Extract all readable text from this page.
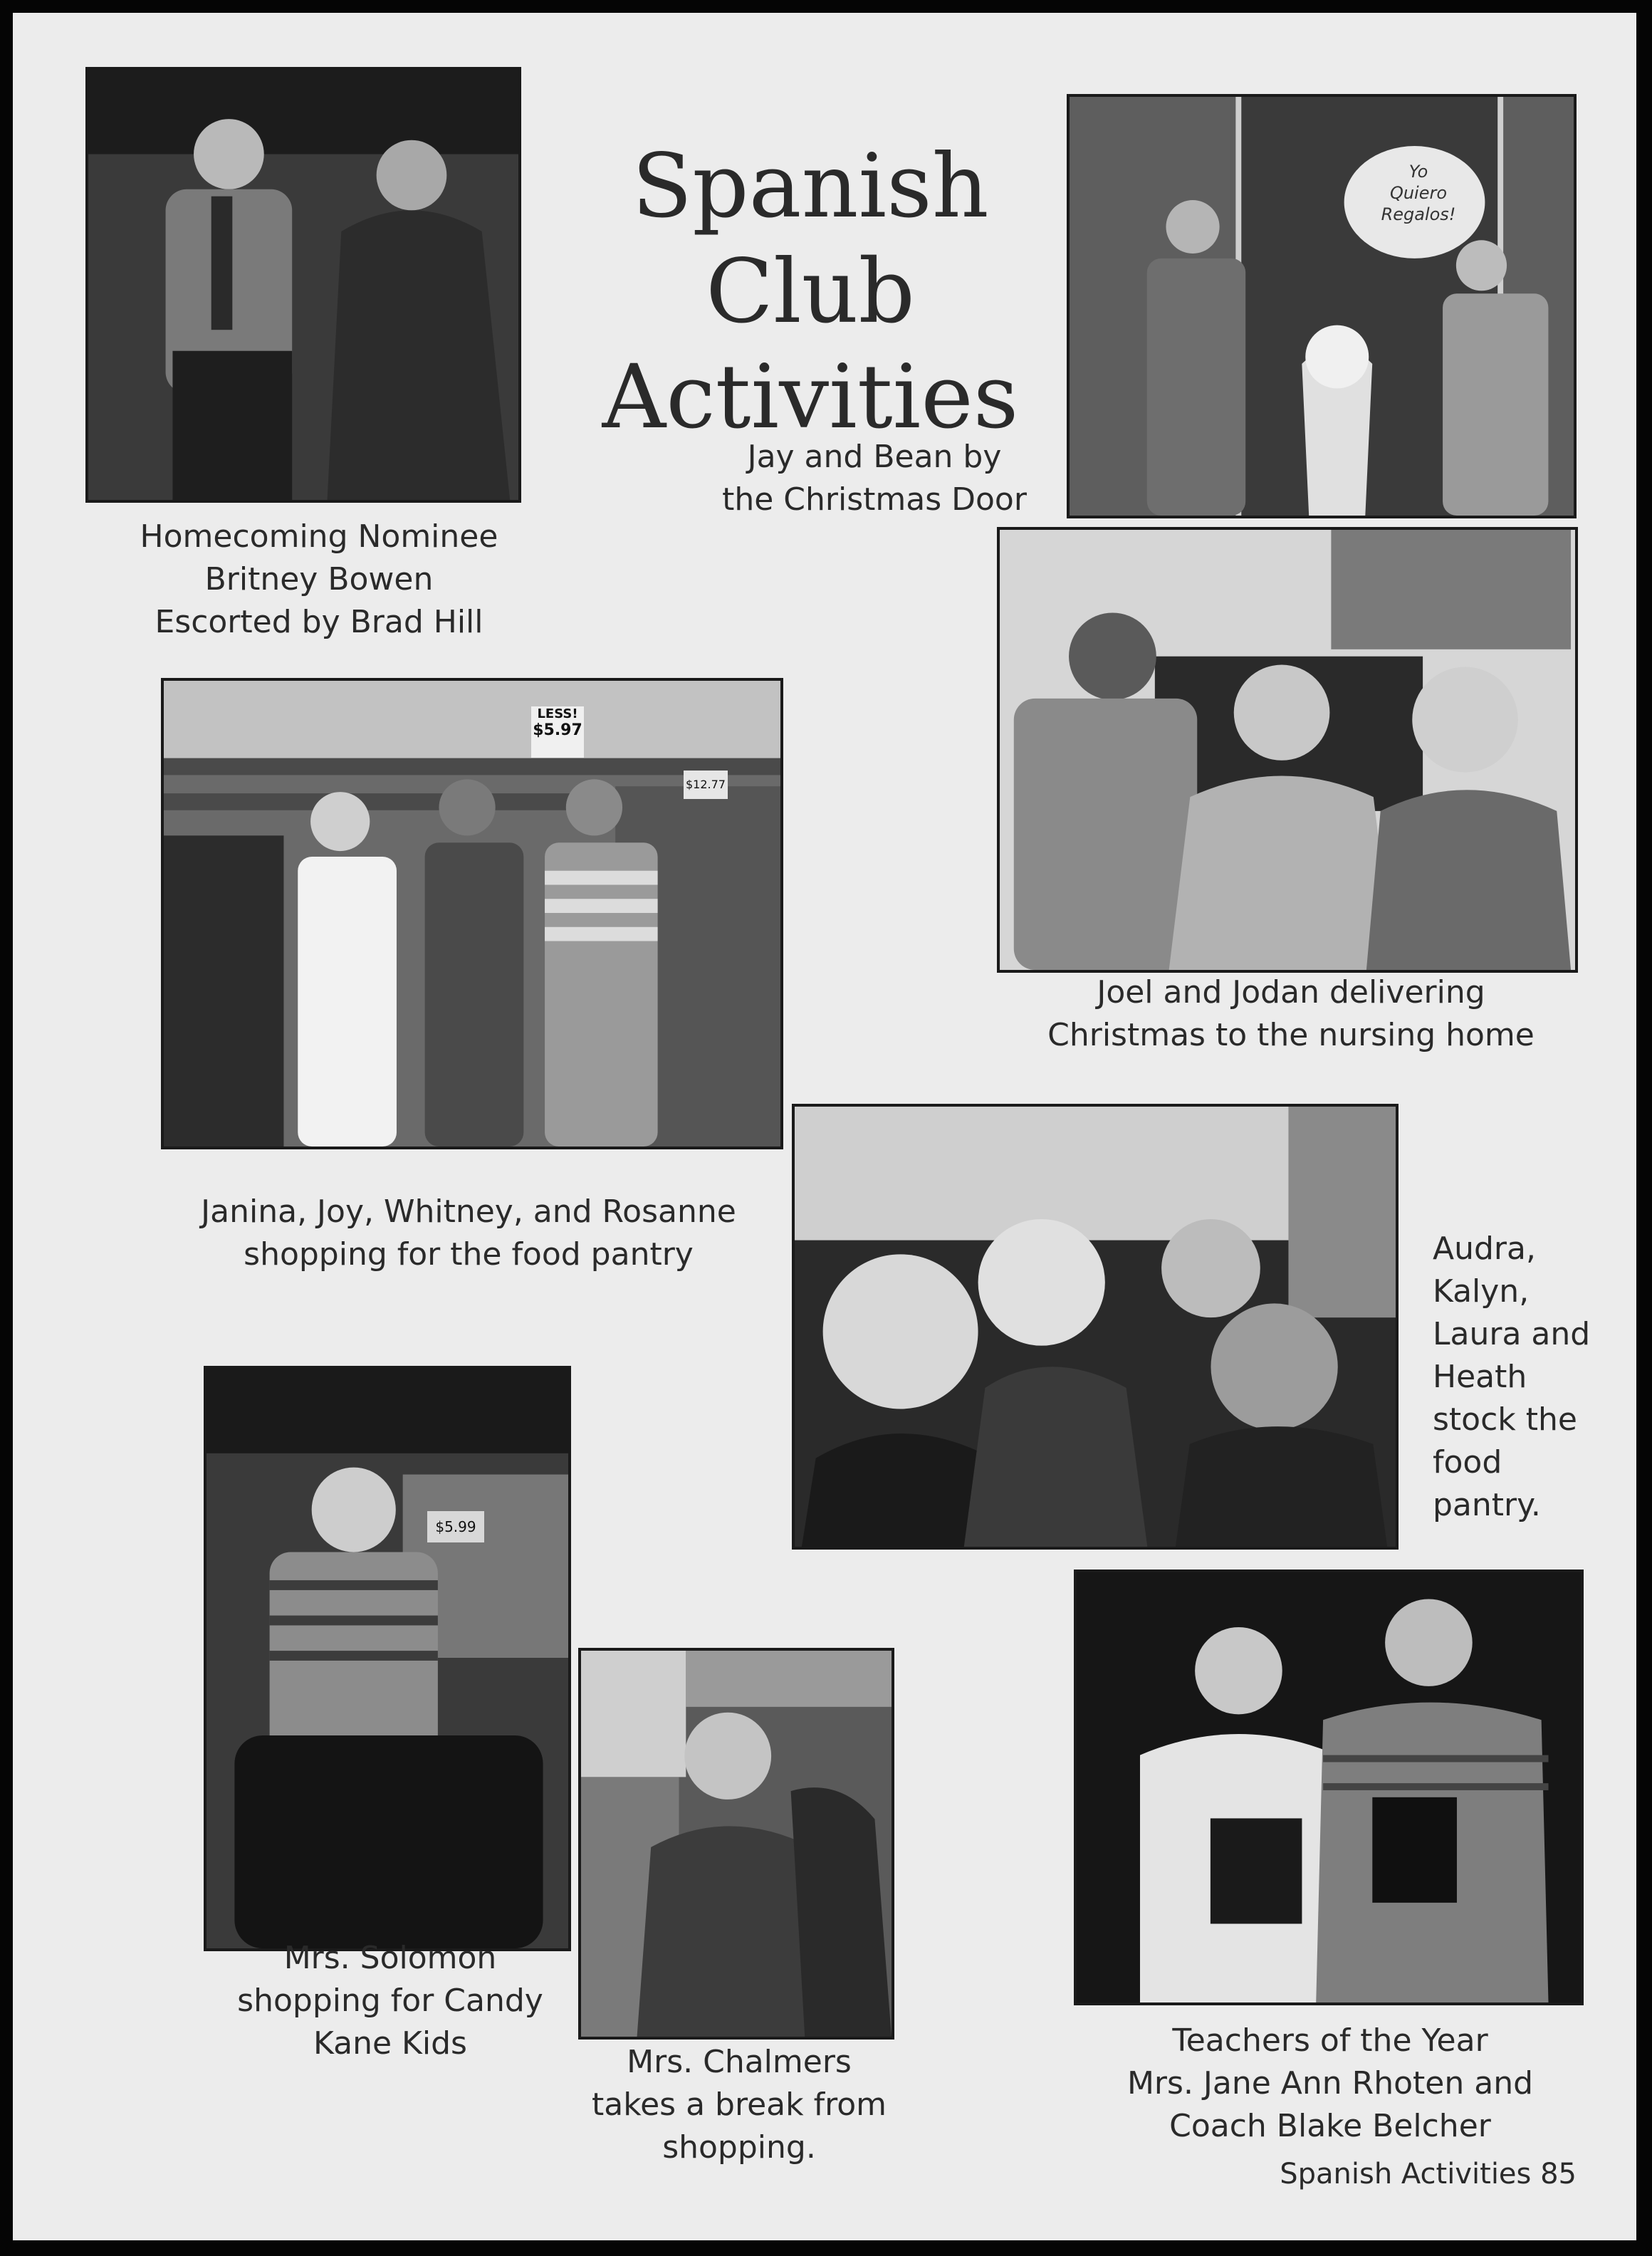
Spanish
Club
Activities
Homecoming Nominee
Britney Bowen
Escorted by Brad Hill
Yo
Quiero
Regalos!
Jay and Bean by
the Christmas Door
Joel and Jodan delivering
Christmas to the nursing home
LESS!
$5.97
$12.77
Janina, Joy, Whitney, and Rosanne
shopping for the food pantry	Audra,
Kalyn,
Laura and
Heath
stock the
food
pantry.
$5.99
Mrs. Solomon
shopping for Candy
Kane Kids
Mrs. Chalmers
takes a break from
shopping.
Teachers of the Year
Mrs. Jane Ann Rhoten and
Coach Blake Belcher
Spanish Activities 85
